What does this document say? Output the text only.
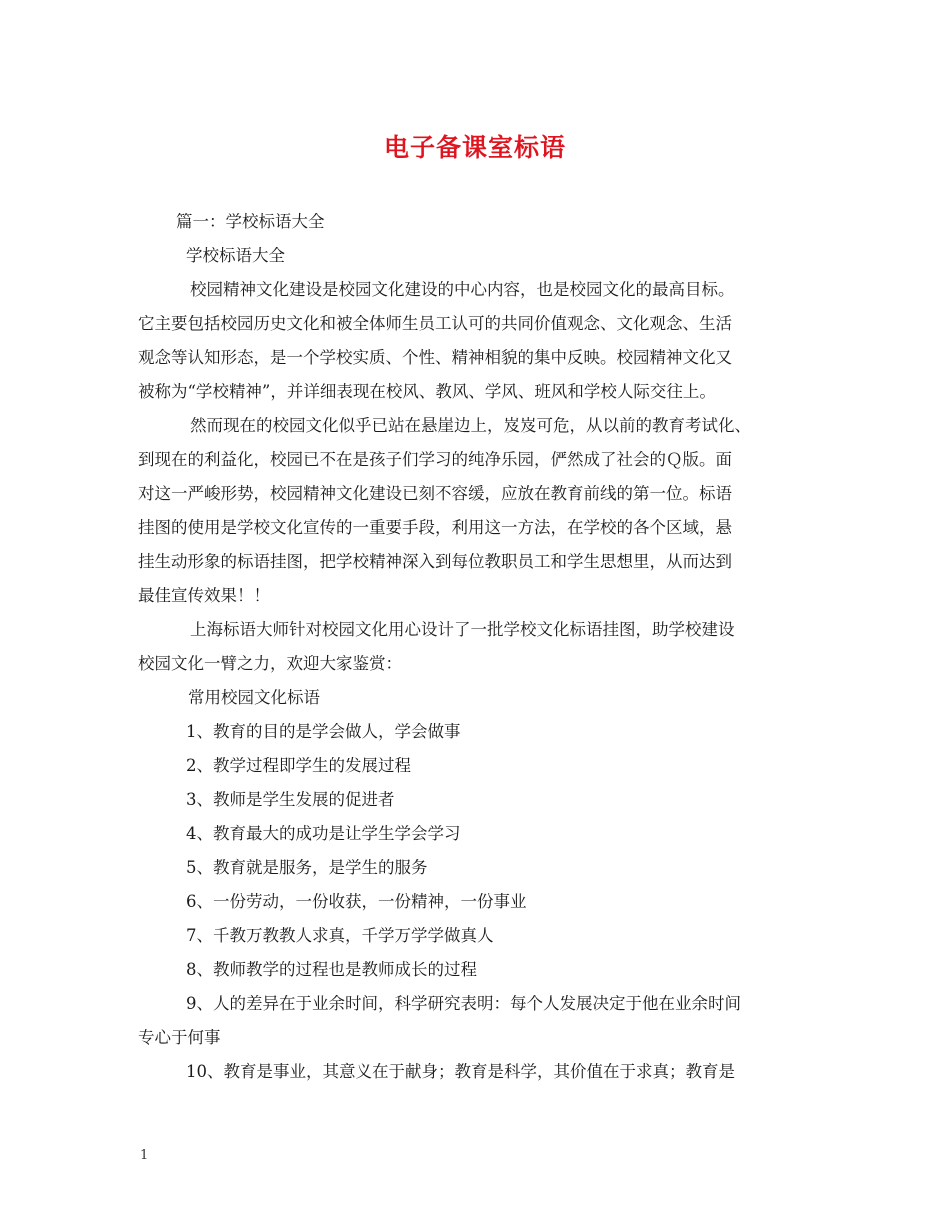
电子备课室标语
篇一：学校标语大全
学校标语大全
校园精神文化建设是校园文化建设的中心内容，也是校园文化的最高目标。
它主要包括校园历史文化和被全体师生员工认可的共同价值观念、文化观念、生活
观念等认知形态，是一个学校实质、个性、精神相貌的集中反映。校园精神文化又
被称为“学校精神”，并详细表现在校风、教风、学风、班风和学校人际交往上。
然而现在的校园文化似乎已站在悬崖边上，岌岌可危，从以前的教育考试化、
到现在的利益化，校园已不在是孩子们学习的纯净乐园，俨然成了社会的Ｑ版。面
对这一严峻形势，校园精神文化建设已刻不容缓，应放在教育前线的第一位。标语
挂图的使用是学校文化宣传的一重要手段，利用这一方法，在学校的各个区域，悬
挂生动形象的标语挂图，把学校精神深入到每位教职员工和学生思想里，从而达到
最佳宣传效果！！
上海标语大师针对校园文化用心设计了一批学校文化标语挂图，助学校建设
校园文化一臂之力，欢迎大家鉴赏：
常用校园文化标语
1、教育的目的是学会做人，学会做事
2、教学过程即学生的发展过程
3、教师是学生发展的促进者
4、教育最大的成功是让学生学会学习
5、教育就是服务，是学生的服务
6、一份劳动，一份收获，一份精神，一份事业
7、千教万教教人求真，千学万学学做真人
8、教师教学的过程也是教师成长的过程
9、人的差异在于业余时间，科学研究表明：每个人发展决定于他在业余时间
专心于何事
10、教育是事业，其意义在于献身；教育是科学，其价值在于求真；教育是
1
